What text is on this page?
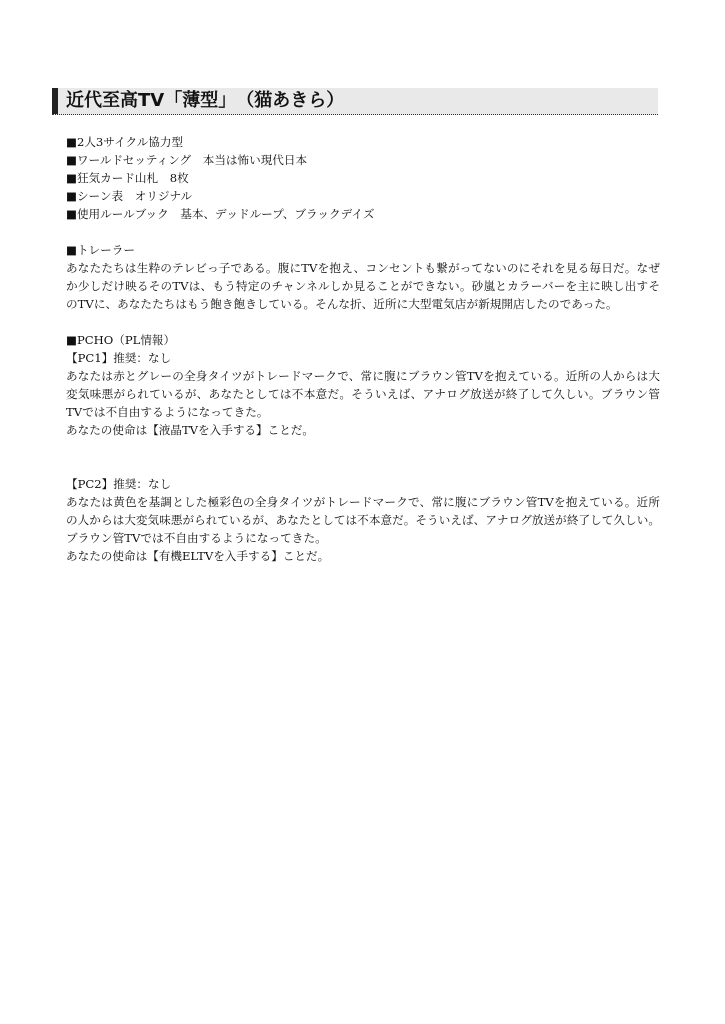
近代至高TV「薄型」　（猫あきら）
■2人3サイクル協力型
■ワールドセッティング　本当は怖い現代日本
■狂気カード山札　8枚
■シーン表　オリジナル
■使用ルールブック　基本、デッドループ、ブラックデイズ
■トレーラー
あなたたちは生粋のテレビっ子である。腹にTVを抱え、コンセントも繋がってないのにそれを見る毎日だ。なぜか少しだけ映るそのTVは、もう特定のチャンネルしか見ることができない。砂嵐とカラーバーを主に映し出すそのTVに、あなたたちはもう飽き飽きしている。そんな折、近所に大型電気店が新規開店したのであった。
■PCHO（PL情報）
【PC1】推奨：なし
あなたは赤とグレーの全身タイツがトレードマークで、常に腹にブラウン管TVを抱えている。近所の人からは大変気味悪がられているが、あなたとしては不本意だ。そういえば、アナログ放送が終了して久しい。ブラウン管TVでは不自由するようになってきた。
あなたの使命は【液晶TVを入手する】ことだ。
【PC2】推奨：なし
あなたは黄色を基調とした極彩色の全身タイツがトレードマークで、常に腹にブラウン管TVを抱えている。近所の人からは大変気味悪がられているが、あなたとしては不本意だ。そういえば、アナログ放送が終了して久しい。ブラウン管TVでは不自由するようになってきた。
あなたの使命は【有機ELTVを入手する】ことだ。
